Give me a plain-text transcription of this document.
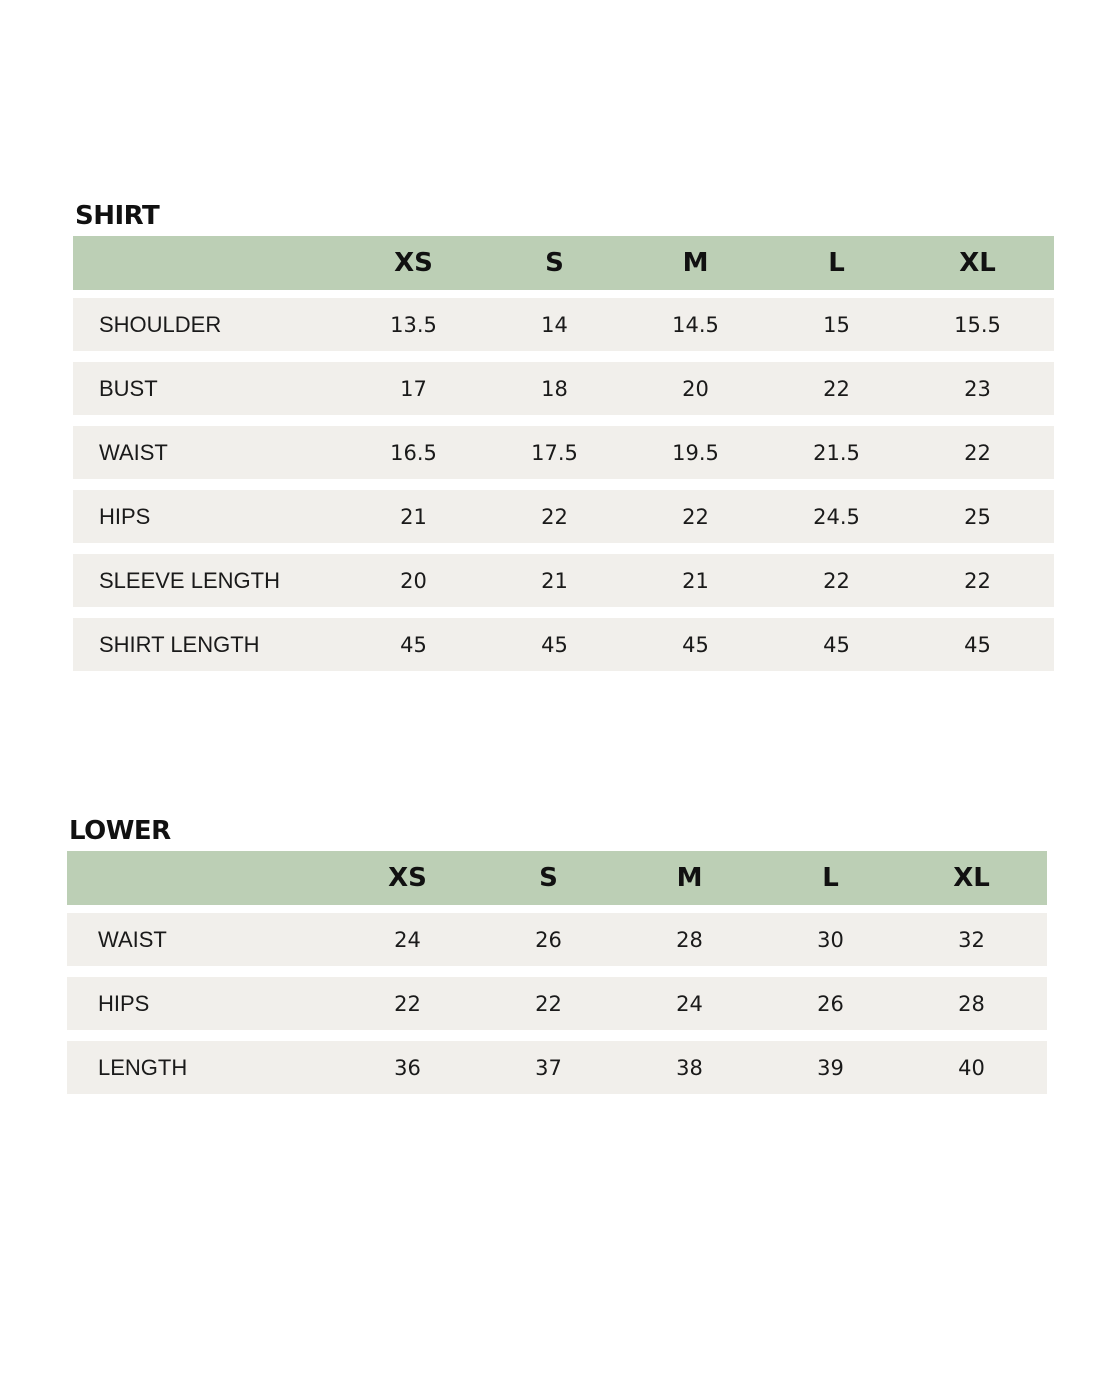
SHIRT
XS	S	M	L	XL
SHOULDER	13.5	14	14.5	15	15.5
BUST	17	18	20	22	23
WAIST	16.5	17.5	19.5	21.5	22
HIPS	21	22	22	24.5	25
SLEEVE LENGTH	20	21	21	22	22
SHIRT LENGTH	45	45	45	45	45
LOWER
XS	S	M	L	XL
WAIST	24	26	28	30	32
HIPS	22	22	24	26	28
LENGTH	36	37	38	39	40
